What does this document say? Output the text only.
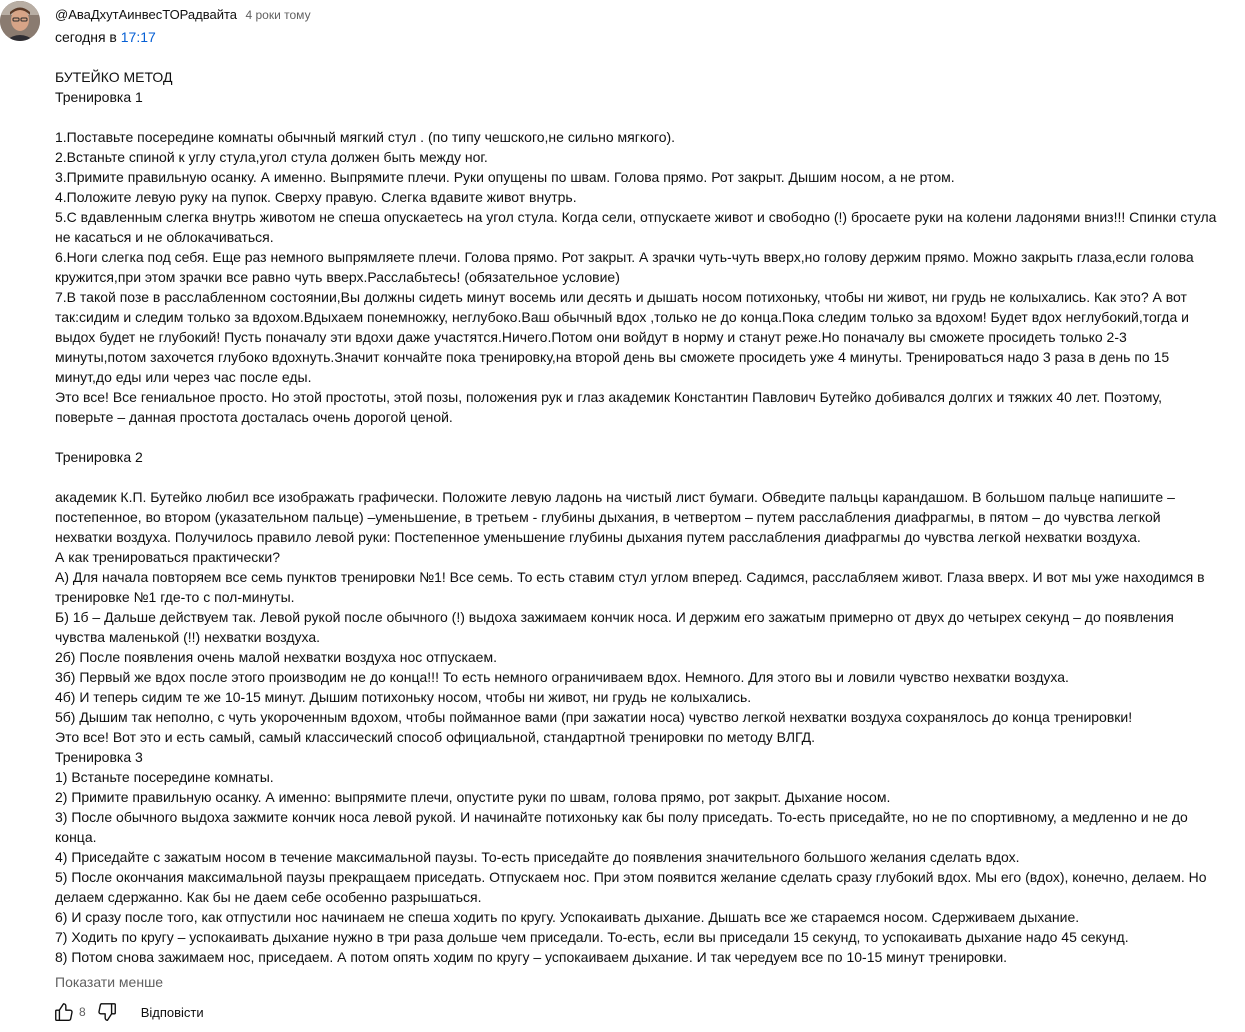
@АваДхутАинвесТОРадвайта 4 роки тому
сегодня в 17:17
БУТЕЙКО МЕТОД
Тренировка 1
1.Поставьте посередине комнаты обычный мягкий стул . (по типу чешского,не сильно мягкого).
2.Встаньте спиной к углу стула,угол стула должен быть между ног.
3.Примите правильную осанку. А именно. Выпрямите плечи. Руки опущены по швам. Голова прямо. Рот закрыт. Дышим носом, а не ртом.
4.Положите левую руку на пупок. Сверху правую. Слегка вдавите живот внутрь.
5.С вдавленным слегка внутрь животом не спеша опускаетесь на угол стула. Когда сели, отпускаете живот и свободно (!) бросаете руки на колени ладонями вниз!!! Спинки стула
не касаться и не облокачиваться.
6.Ноги слегка под себя. Еще раз немного выпрямляете плечи. Голова прямо. Рот закрыт. А зрачки чуть-чуть вверх,но голову держим прямо. Можно закрыть глаза,если голова
кружится,при этом зрачки все равно чуть вверх.Расслабьтесь! (обязательное условие)
7.В такой позе в расслабленном состоянии,Вы должны сидеть минут восемь или десять и дышать носом потихоньку, чтобы ни живот, ни грудь не колыхались. Как это? А вот
так:сидим и следим только за вдохом.Вдыхаем понемножку, неглубоко.Ваш обычный вдох ,только не до конца.Пока следим только за вдохом! Будет вдох неглубокий,тогда и
выдох будет не глубокий! Пусть поначалу эти вдохи даже участятся.Ничего.Потом они войдут в норму и станут реже.Но поначалу вы сможете просидеть только 2-3
минуты,потом захочется глубоко вдохнуть.Значит кончайте пока тренировку,на второй день вы сможете просидеть уже 4 минуты. Тренироваться надо 3 раза в день по 15
минут,до еды или через час после еды.
Это все! Все гениальное просто. Но этой простоты, этой позы, положения рук и глаз академик Константин Павлович Бутейко добивался долгих и тяжких 40 лет. Поэтому,
поверьте – данная простота досталась очень дорогой ценой.
Тренировка 2
академик К.П. Бутейко любил все изображать графически. Положите левую ладонь на чистый лист бумаги. Обведите пальцы карандашом. В большом пальце напишите –
постепенное, во втором (указательном пальце) –уменьшение, в третьем - глубины дыхания, в четвертом – путем расслабления диафрагмы, в пятом – до чувства легкой
нехватки воздуха. Получилось правило левой руки: Постепенное уменьшение глубины дыхания путем расслабления диафрагмы до чувства легкой нехватки воздуха.
А как тренироваться практически?
А) Для начала повторяем все семь пунктов тренировки №1! Все семь. То есть ставим стул углом вперед. Садимся, расслабляем живот. Глаза вверх. И вот мы уже находимся в
тренировке №1 где-то с пол-минуты.
Б) 1б – Дальше действуем так. Левой рукой после обычного (!) выдоха зажимаем кончик носа. И держим его зажатым примерно от двух до четырех секунд – до появления
чувства маленькой (!!) нехватки воздуха.
2б) После появления очень малой нехватки воздуха нос отпускаем.
3б) Первый же вдох после этого производим не до конца!!! То есть немного ограничиваем вдох. Немного. Для этого вы и ловили чувство нехватки воздуха.
4б) И теперь сидим те же 10-15 минут. Дышим потихоньку носом, чтобы ни живот, ни грудь не колыхались.
5б) Дышим так неполно, с чуть укороченным вдохом, чтобы пойманное вами (при зажатии носа) чувство легкой нехватки воздуха сохранялось до конца тренировки!
Это все! Вот это и есть самый, самый классический способ официальной, стандартной тренировки по методу ВЛГД.
Тренировка 3
1) Встаньте посередине комнаты.
2) Примите правильную осанку. А именно: выпрямите плечи, опустите руки по швам, голова прямо, рот закрыт. Дыхание носом.
3) После обычного выдоха зажмите кончик носа левой рукой. И начинайте потихоньку как бы полу приседать. То-есть приседайте, но не по спортивному, а медленно и не до
конца.
4) Приседайте с зажатым носом в течение максимальной паузы. То-есть приседайте до появления значительного большого желания сделать вдох.
5) После окончания максимальной паузы прекращаем приседать. Отпускаем нос. При этом появится желание сделать сразу глубокий вдох. Мы его (вдох), конечно, делаем. Но
делаем сдержанно. Как бы не даем себе особенно разрышаться.
6) И сразу после того, как отпустили нос начинаем не спеша ходить по кругу. Успокаивать дыхание. Дышать все же стараемся носом. Сдерживаем дыхание.
7) Ходить по кругу – успокаивать дыхание нужно в три раза дольше чем приседали. То-есть, если вы приседали 15 секунд, то успокаивать дыхание надо 45 секунд.
8) Потом снова зажимаем нос, приседаем. А потом опять ходим по кругу – успокаиваем дыхание. И так чередуем все по 10-15 минут тренировки.
Показати менше
8	Відповісти
